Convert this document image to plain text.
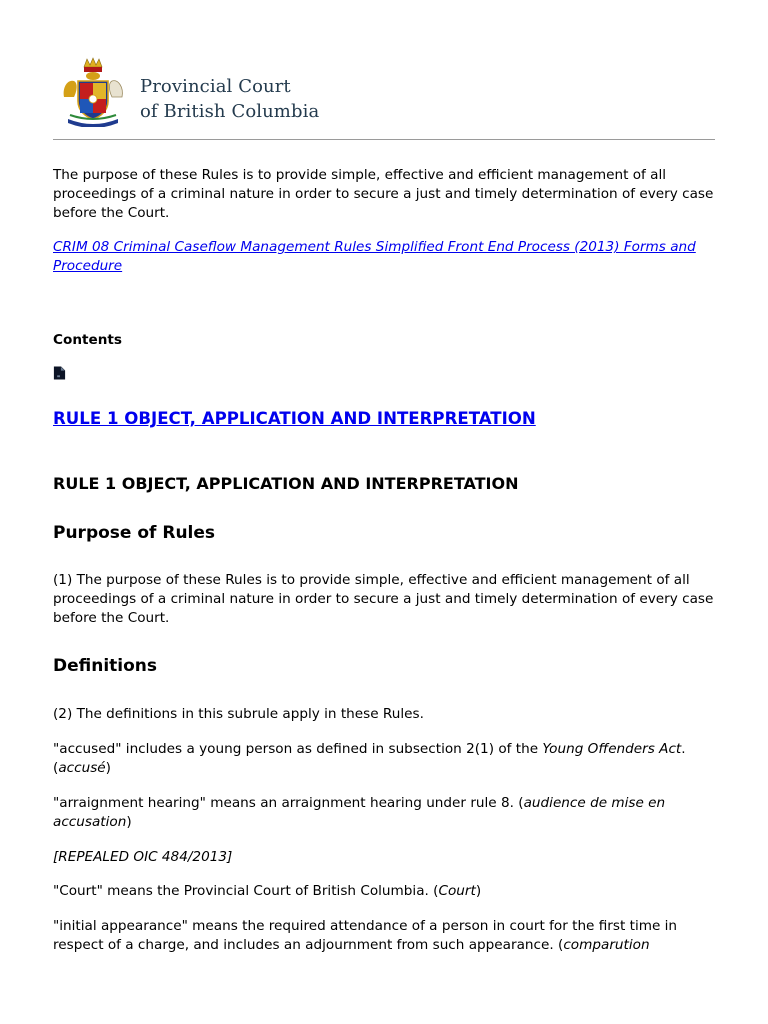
Provincial Court
of British Columbia

The purpose of these Rules is to provide simple, effective and efficient management of all proceedings of a criminal nature in order to secure a just and timely determination of every case before the Court.

CRIM 08 Criminal Caseflow Management Rules Simplified Front End Process (2013) Forms and Procedure

Contents
RULE 1 OBJECT, APPLICATION AND INTERPRETATION
RULE 1 OBJECT, APPLICATION AND INTERPRETATION
Purpose of Rules

(1) The purpose of these Rules is to provide simple, effective and efficient management of all proceedings of a criminal nature in order to secure a just and timely determination of every case before the Court.

Definitions

(2) The definitions in this subrule apply in these Rules.

"accused" includes a young person as defined in subsection 2(1) of the Young Offenders Act. (accusé)

"arraignment hearing" means an arraignment hearing under rule 8. (audience de mise en accusation)

[REPEALED OIC 484/2013]

"Court" means the Provincial Court of British Columbia. (Court)

"initial appearance" means the required attendance of a person in court for the first time in respect of a charge, and includes an adjournment from such appearance. (comparution
